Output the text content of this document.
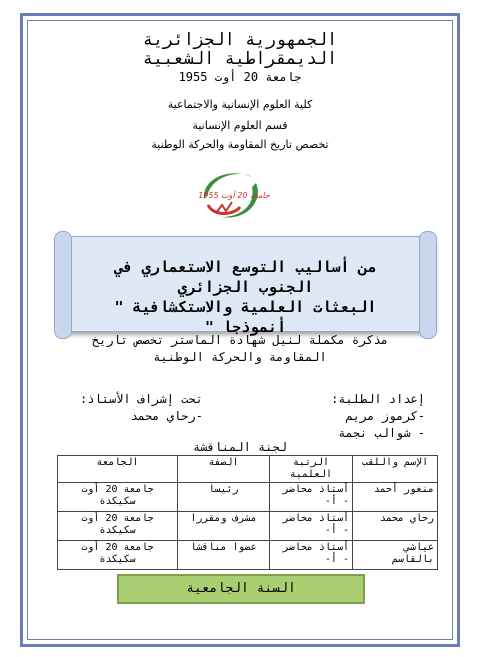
الجمهورية الجزائرية
الديمقراطية الشعبية
جامعة 20 أوت 1955
كلية العلوم الإنسانية والاجتماعية
قسم العلوم الإنسانية
تخصص تاريخ المقاومة والحركة الوطنية
جامعة 20 أوت 1955
من أساليب التوسع الاستعماري في
الجنوب الجزائري
البعثات العلمية والاستكشافية "
أنموذجا "
مذكرة مكملة لنيل شهادة الماستر تخصص تاريخ
المقاومة والحركة الوطنية
إعداد الطلبة:
-كرموز مريم
- شوالب نجمة
تحت إشراف الأستاذ:
-رحاي محمد
لجنة المناقشة
الإسم واللقب	الرتبة العلمية	الصفة	الجامعة
منغور أحمد	أستاذ محاضر - أ-	رئيسا	جامعة 20 أوت سكيكدة
رحاي محمد	أستاذ محاضر - أ-	مشرف ومقررا	جامعة 20 أوت سكيكدة
عياشي بالقاسم	أستاذ محاضر - أ-	عضوا مناقشا	جامعة 20 أوت سكيكدة
السنة الجامعية
